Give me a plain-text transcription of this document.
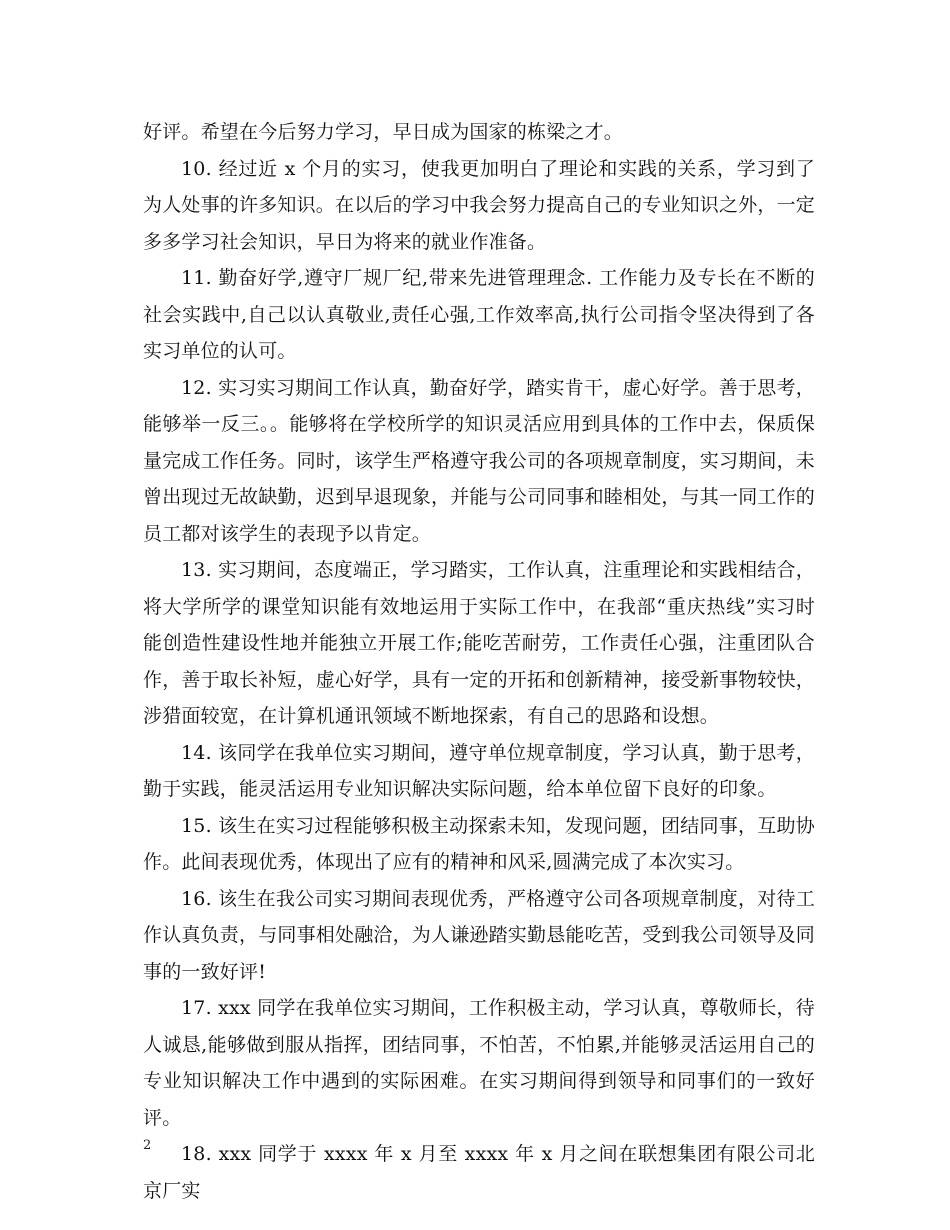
好评。希望在今后努力学习，早日成为国家的栋梁之才。

10. 经过近 x 个月的实习，使我更加明白了理论和实践的关系，学习到了为人处事的许多知识。在以后的学习中我会努力提高自己的专业知识之外，一定多多学习社会知识，早日为将来的就业作准备。

11. 勤奋好学,遵守厂规厂纪,带来先进管理理念. 工作能力及专长在不断的社会实践中,自己以认真敬业,责任心强,工作效率高,执行公司指令坚决得到了各实习单位的认可。

12. 实习实习期间工作认真，勤奋好学，踏实肯干，虚心好学。善于思考，能够举一反三。。能够将在学校所学的知识灵活应用到具体的工作中去，保质保量完成工作任务。同时，该学生严格遵守我公司的各项规章制度，实习期间，未曾出现过无故缺勤，迟到早退现象，并能与公司同事和睦相处，与其一同工作的员工都对该学生的表现予以肯定。

13. 实习期间，态度端正，学习踏实，工作认真，注重理论和实践相结合，将大学所学的课堂知识能有效地运用于实际工作中，在我部“重庆热线”实习时能创造性建设性地并能独立开展工作;能吃苦耐劳，工作责任心强，注重团队合作，善于取长补短，虚心好学，具有一定的开拓和创新精神，接受新事物较快，涉猎面较宽，在计算机通讯领域不断地探索，有自己的思路和设想。

14. 该同学在我单位实习期间，遵守单位规章制度，学习认真，勤于思考，勤于实践，能灵活运用专业知识解决实际问题，给本单位留下良好的印象。

15. 该生在实习过程能够积极主动探索未知，发现问题，团结同事，互助协作。此间表现优秀，体现出了应有的精神和风采,圆满完成了本次实习。

16. 该生在我公司实习期间表现优秀，严格遵守公司各项规章制度，对待工作认真负责，与同事相处融洽，为人谦逊踏实勤恳能吃苦，受到我公司领导及同事的一致好评!

17. xxx 同学在我单位实习期间，工作积极主动，学习认真，尊敬师长，待人诚恳,能够做到服从指挥，团结同事，不怕苦，不怕累,并能够灵活运用自己的专业知识解决工作中遇到的实际困难。在实习期间得到领导和同事们的一致好评。

18. xxx 同学于 xxxx 年 x 月至 xxxx 年 x 月之间在联想集团有限公司北京厂实

2
